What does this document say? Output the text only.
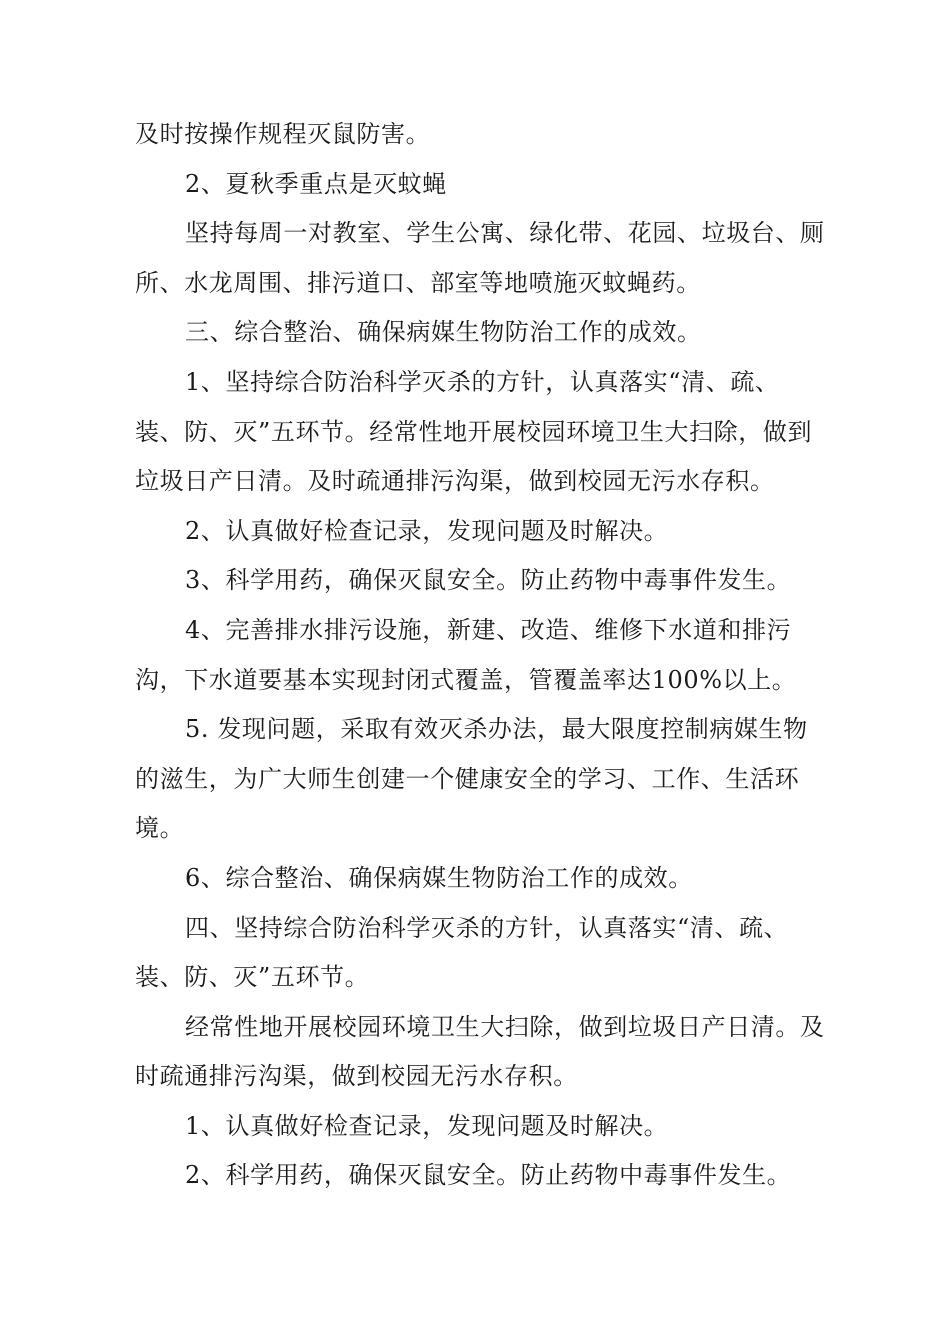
及时按操作规程灭鼠防害。

2、夏秋季重点是灭蚊蝇

坚持每周一对教室、学生公寓、绿化带、花园、垃圾台、厕所、水龙周围、排污道口、部室等地喷施灭蚊蝇药。

三、综合整治、确保病媒生物防治工作的成效。

1、坚持综合防治科学灭杀的方针，认真落实“清、疏、装、防、灭”五环节。经常性地开展校园环境卫生大扫除，做到垃圾日产日清。及时疏通排污沟渠，做到校园无污水存积。

2、认真做好检查记录，发现问题及时解决。

3、科学用药，确保灭鼠安全。防止药物中毒事件发生。

4、完善排水排污设施，新建、改造、维修下水道和排污沟，下水道要基本实现封闭式覆盖，管覆盖率达100%以上。

5. 发现问题，采取有效灭杀办法，最大限度控制病媒生物的滋生，为广大师生创建一个健康安全的学习、工作、生活环境。

6、综合整治、确保病媒生物防治工作的成效。

四、坚持综合防治科学灭杀的方针，认真落实“清、疏、装、防、灭”五环节。

经常性地开展校园环境卫生大扫除，做到垃圾日产日清。及时疏通排污沟渠，做到校园无污水存积。

1、认真做好检查记录，发现问题及时解决。

2、科学用药，确保灭鼠安全。防止药物中毒事件发生。
